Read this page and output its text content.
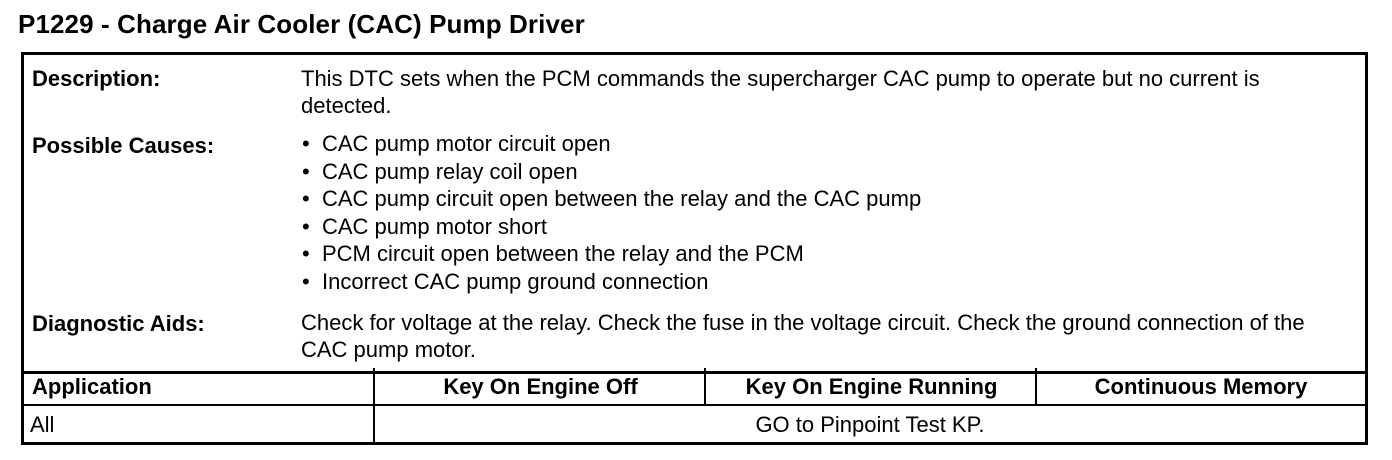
P1229 - Charge Air Cooler (CAC) Pump Driver
Description:	This DTC sets when the PCM commands the supercharger CAC pump to operate but no current is detected.
Possible Causes:	• CAC pump motor circuit open
• CAC pump relay coil open
• CAC pump circuit open between the relay and the CAC pump
• CAC pump motor short
• PCM circuit open between the relay and the PCM
• Incorrect CAC pump ground connection
Diagnostic Aids:	Check for voltage at the relay. Check the fuse in the voltage circuit. Check the ground connection of the CAC pump motor.
Application	Key On Engine Off	Key On Engine Running	Continuous Memory
All	GO to Pinpoint Test KP.
